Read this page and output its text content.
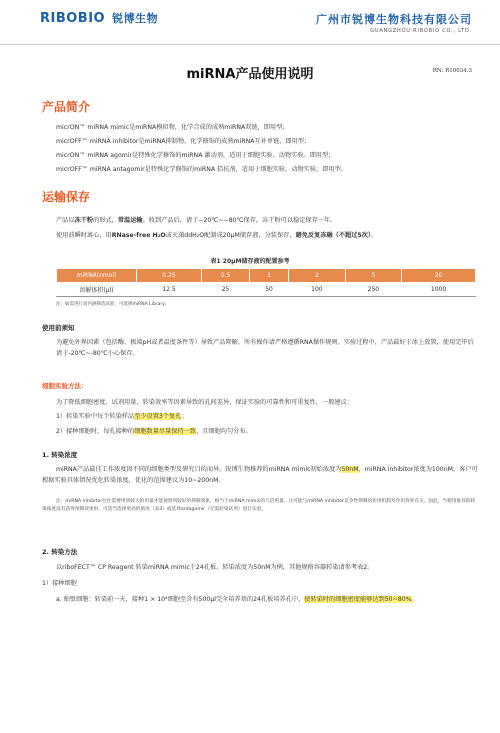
RIBOBIO 锐博生物	广州市锐博生物科技有限公司
GUANGZHOU RIBOBIO CO., LTD.
miRNA产品使用说明	RN: R10034.3
产品简介
micrON™ miRNA mimic是miRNA模拟物，化学合成的成熟miRNA双链，即用型；
micrOFF™ miRNA inhibitor是miRNA抑制物，化学修饰的成熟miRNA互补单链，即用型；
micrON™ miRNA agomir是特殊化学修饰的miRNA 激动剂，适用于细胞实验、动物实验。即用型；
micrOFF™ miRNA antagomir是特殊化学修饰的miRNA 拮抗剂，适用于细胞实验、动物实验，即用型。
运输保存
产品以冻干粉的形式，常温运输。收到产品后，请于−20℃~−80℃保存，冻干粉可以稳定保存一年。
使用前瞬时离心，用RNase-free H₂O或灭菌ddH₂O配制成20μM储存液，分装保存，避免反复冻融（不超过5次）。
表1 20μM储存液的配置参考
miRNA(nmol)	0.25	0.5	1	2	5	20
溶解体积(μl)	12.5	25	50	100	250	1000
注：如需进行高内涵筛选试验，可选择miRNA Library。
使用前须知
为避免外界因素（包括酶、极端pH或者温度条件等）导致产品降解，所有操作请严格遵循RNA操作规则。实验过程中，产品最好于冰上放置，使用完毕后请于-20℃~-80℃小心保存。
细胞实验方法：
为了降低细胞密度、试剂用量，转染效率等因素导致的孔间差异，保证实验的可靠性和可重复性，一般建议：
1）转染实验中每个转染样品至少设置3个复孔；
2）接种细胞时，每孔接种的细胞数量尽量保持一致，且细胞均匀分布。
1. 转染浓度
miRNA产品最佳工作浓度因不同的细胞类型及研究目的而异。锐博生物推荐的miRNA mimic初始浓度为50nM，miRNA inhibitor浓度为100nM，客户可根据实验具体情况优化转染浓度，优化的范围建议为10~200nM。
注：miRNA inhibitor往往需要用到较大的用量才能观察到较好的抑制效果，相当于miRNA mimic的几倍用量。这可能与miRNA inhibitor竞争性抑制的作用机制及作用效率有关。因此，当使用推荐的转染浓度没有获得预期效果时，可适当选择更高的浓度（表3）或选择antagomir（无需转染试剂）进行实验。
2. 转染方法
以riboFECT™ CP Reagent 转染miRNA mimic于24孔板。转染浓度为50nM为例，其他规格容器转染请参考表2。
1）接种细胞
a. 贴壁细胞：转染前一天，接种1 × 10⁴细胞至含有500μl完全培养基的24孔板培养孔中，使转染时的细胞密度能够达到50~80%。
